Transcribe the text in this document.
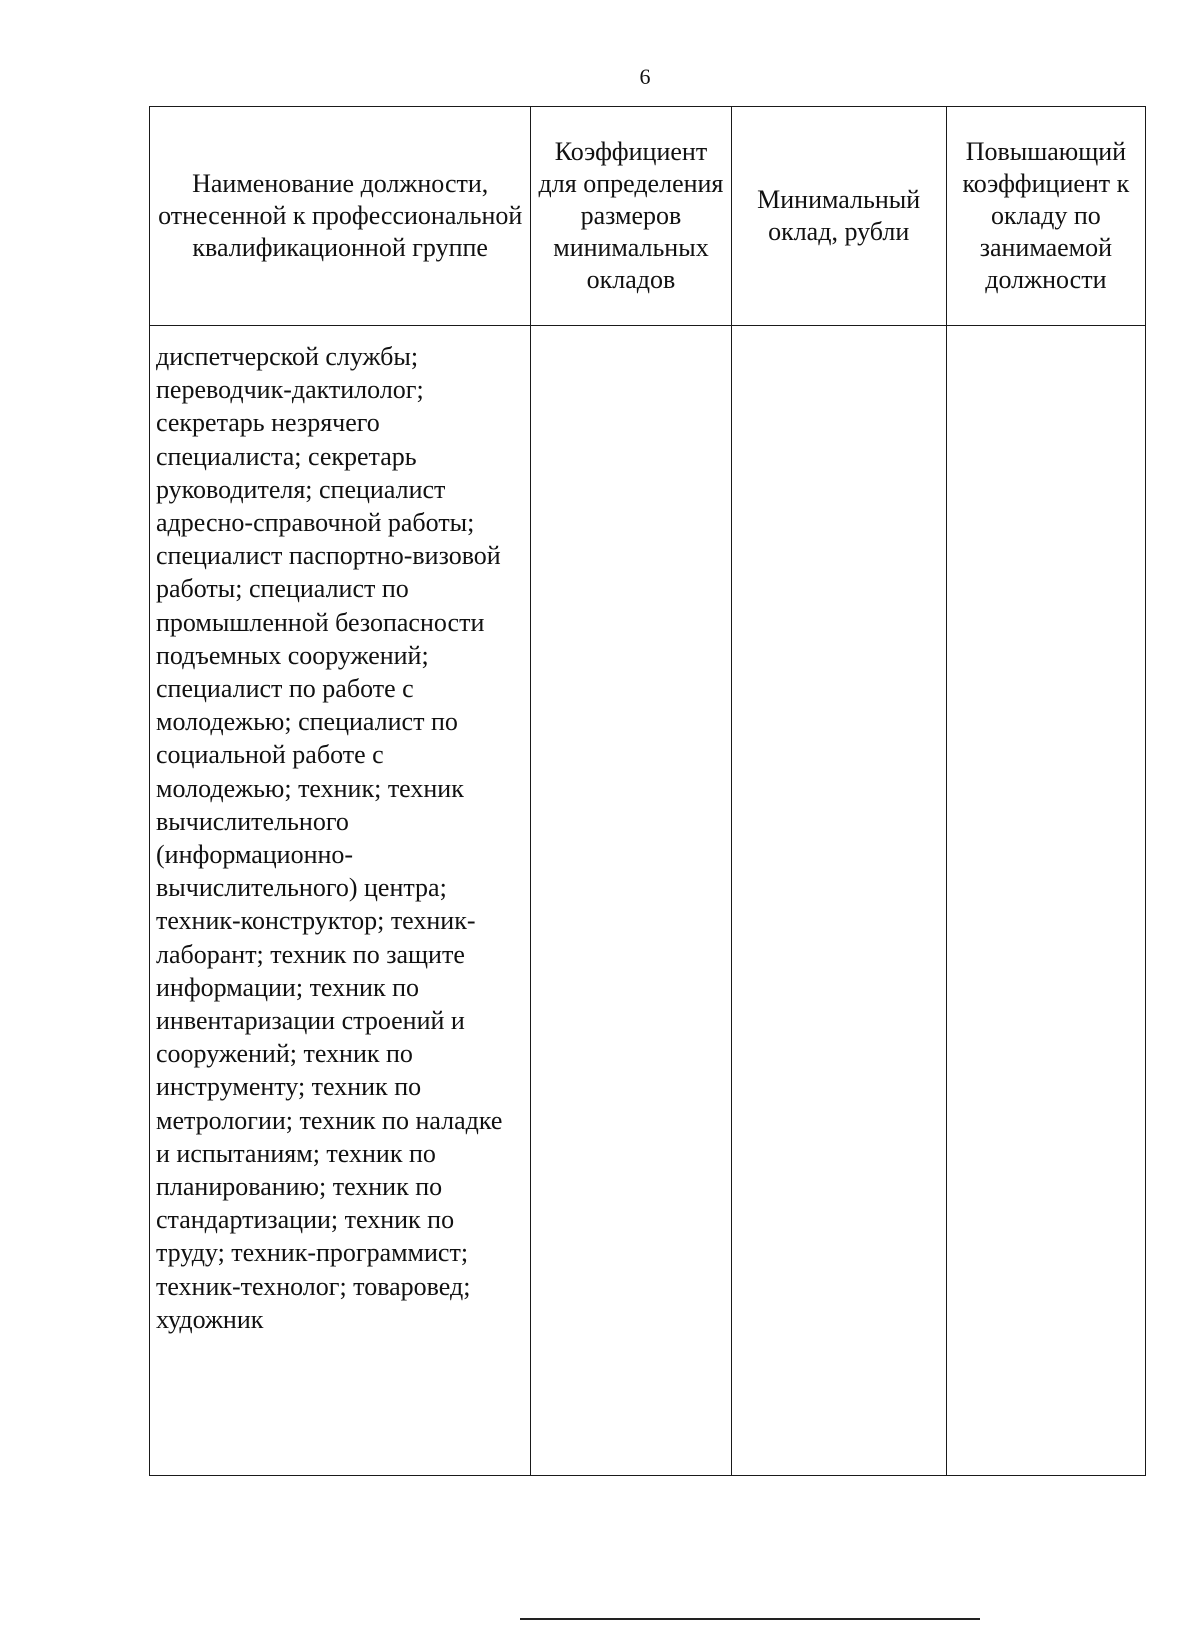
6
Наименование должности, отнесенной к профессиональной квалификационной группе	Коэффициент для определения размеров минимальных окладов	Минимальный оклад, рубли	Повышающий коэффициент к окладу по занимаемой должности

диспетчерской службы; переводчик-дактилолог; секретарь незрячего специалиста; секретарь руководителя; специалист адресно-справочной работы; специалист паспортно-визовой работы; специалист по промышленной безопасности подъемных сооружений; специалист по работе с молодежью; специалист по социальной работе с молодежью; техник; техник вычислительного (информационно-вычислительного) центра; техник-конструктор; техник-лаборант; техник по защите информации; техник по инвентаризации строений и сооружений; техник по инструменту; техник по метрологии; техник по наладке и испытаниям; техник по планированию; техник по стандартизации; техник по труду; техник-программист; техник-технолог; товаровед; художник			
